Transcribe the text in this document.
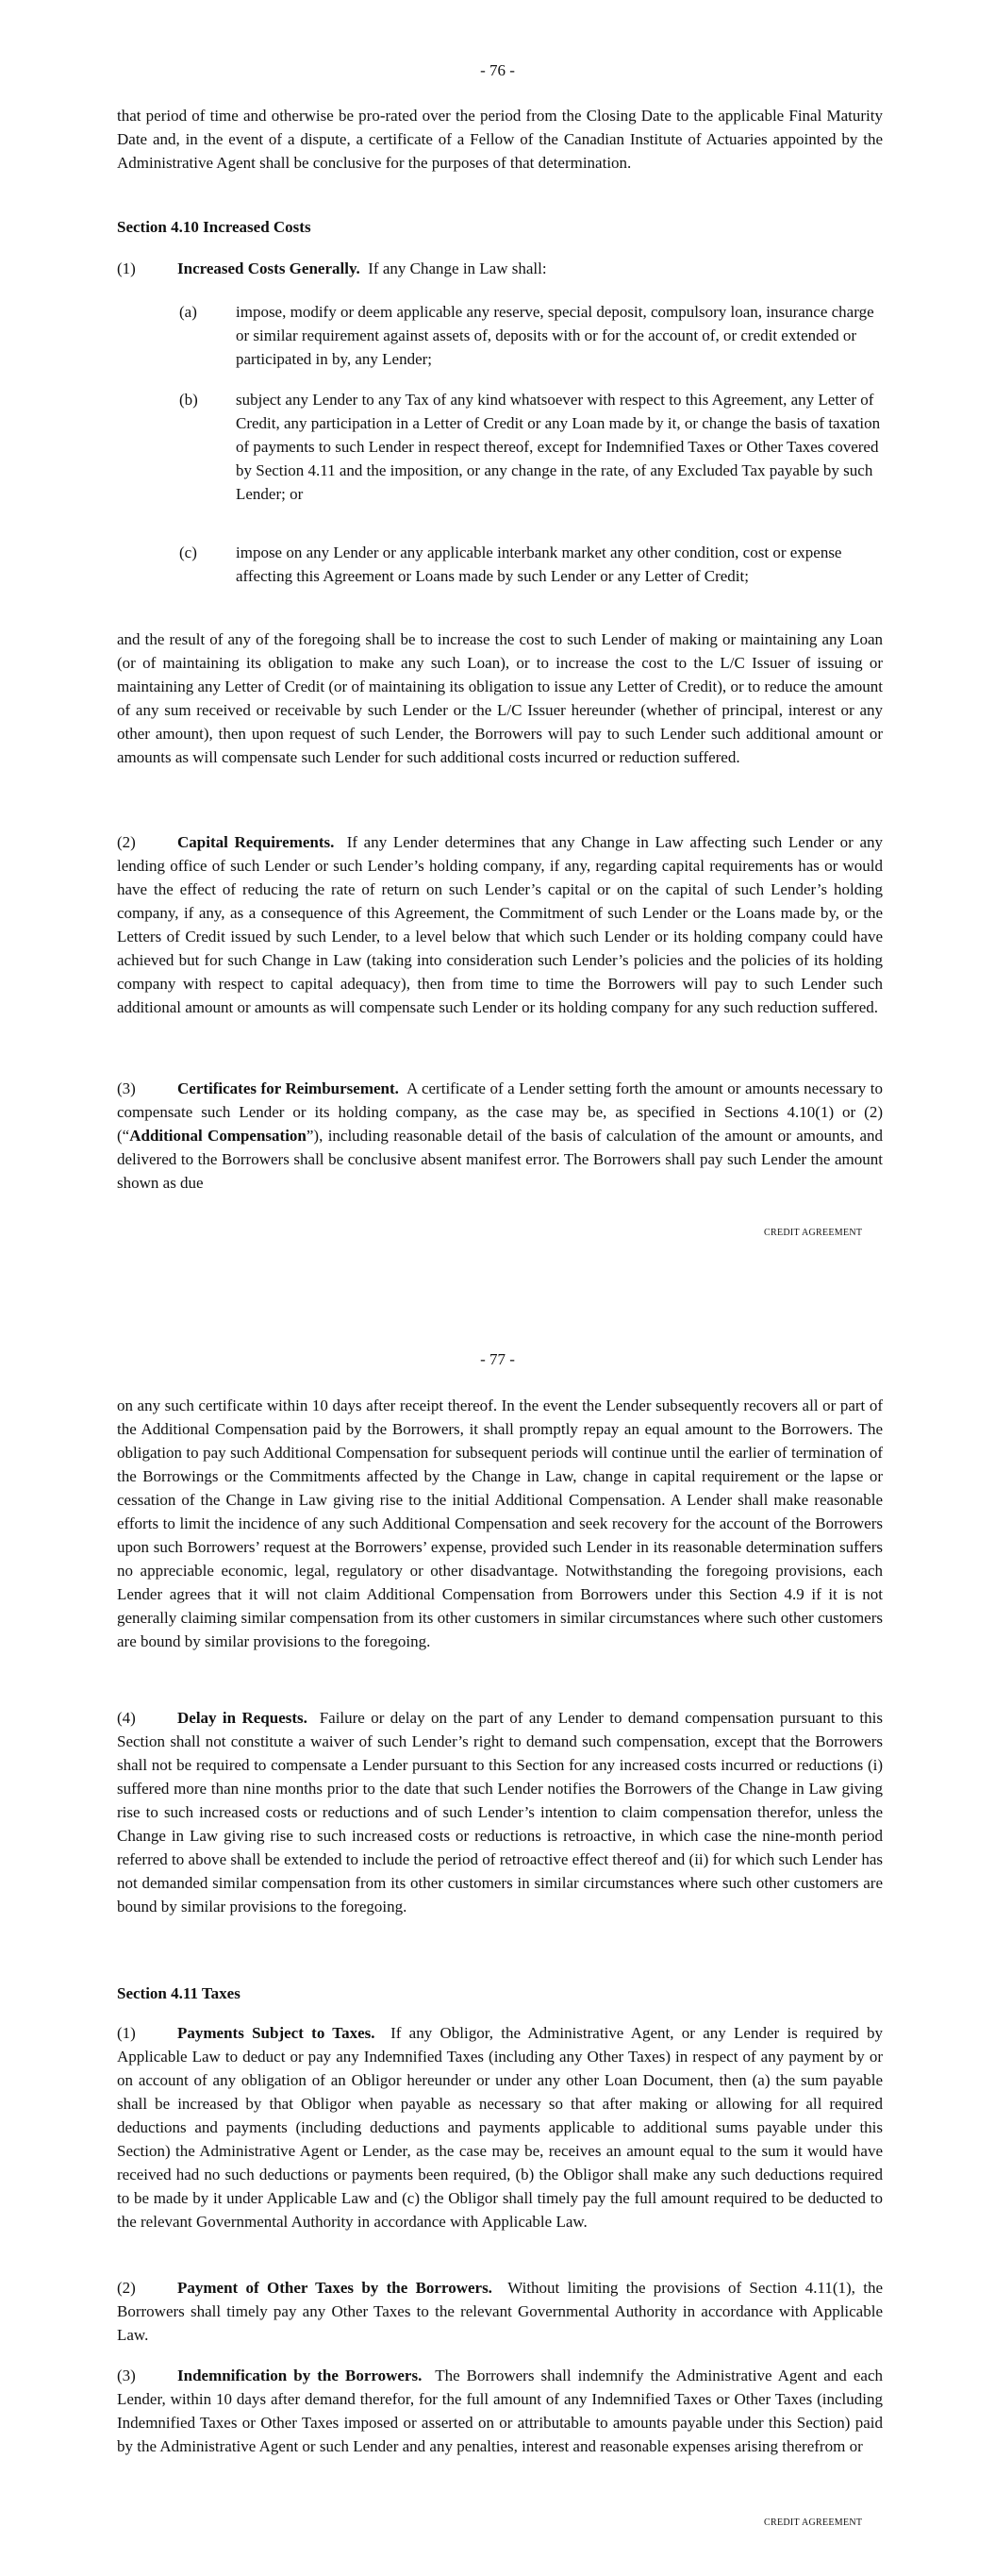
- 76 -

that period of time and otherwise be pro-rated over the period from the Closing Date to the applicable Final Maturity Date and, in the event of a dispute, a certificate of a Fellow of the Canadian Institute of Actuaries appointed by the Administrative Agent shall be conclusive for the purposes of that determination.

Section 4.10 Increased Costs

(1)	Increased Costs Generally. If any Change in Law shall:

(a) impose, modify or deem applicable any reserve, special deposit, compulsory loan, insurance charge or similar requirement against assets of, deposits with or for the account of, or credit extended or participated in by, any Lender;
(b) subject any Lender to any Tax of any kind whatsoever with respect to this Agreement, any Letter of Credit, any participation in a Letter of Credit or any Loan made by it, or change the basis of taxation of payments to such Lender in respect thereof, except for Indemnified Taxes or Other Taxes covered by Section 4.11 and the imposition, or any change in the rate, of any Excluded Tax payable by such Lender; or
(c) impose on any Lender or any applicable interbank market any other condition, cost or expense affecting this Agreement or Loans made by such Lender or any Letter of Credit;

and the result of any of the foregoing shall be to increase the cost to such Lender of making or maintaining any Loan (or of maintaining its obligation to make any such Loan), or to increase the cost to the L/C Issuer of issuing or maintaining any Letter of Credit (or of maintaining its obligation to issue any Letter of Credit), or to reduce the amount of any sum received or receivable by such Lender or the L/C Issuer hereunder (whether of principal, interest or any other amount), then upon request of such Lender, the Borrowers will pay to such Lender such additional amount or amounts as will compensate such Lender for such additional costs incurred or reduction suffered.

(2)	Capital Requirements. If any Lender determines that any Change in Law affecting such Lender or any lending office of such Lender or such Lender’s holding company, if any, regarding capital requirements has or would have the effect of reducing the rate of return on such Lender’s capital or on the capital of such Lender’s holding company, if any, as a consequence of this Agreement, the Commitment of such Lender or the Loans made by, or the Letters of Credit issued by such Lender, to a level below that which such Lender or its holding company could have achieved but for such Change in Law (taking into consideration such Lender’s policies and the policies of its holding company with respect to capital adequacy), then from time to time the Borrowers will pay to such Lender such additional amount or amounts as will compensate such Lender or its holding company for any such reduction suffered.

(3)	Certificates for Reimbursement. A certificate of a Lender setting forth the amount or amounts necessary to compensate such Lender or its holding company, as the case may be, as specified in Sections 4.10(1) or (2) (“Additional Compensation”), including reasonable detail of the basis of calculation of the amount or amounts, and delivered to the Borrowers shall be conclusive absent manifest error. The Borrowers shall pay such Lender the amount shown as due

CREDIT AGREEMENT
- 77 -

on any such certificate within 10 days after receipt thereof. In the event the Lender subsequently recovers all or part of the Additional Compensation paid by the Borrowers, it shall promptly repay an equal amount to the Borrowers. The obligation to pay such Additional Compensation for subsequent periods will continue until the earlier of termination of the Borrowings or the Commitments affected by the Change in Law, change in capital requirement or the lapse or cessation of the Change in Law giving rise to the initial Additional Compensation. A Lender shall make reasonable efforts to limit the incidence of any such Additional Compensation and seek recovery for the account of the Borrowers upon such Borrowers’ request at the Borrowers’ expense, provided such Lender in its reasonable determination suffers no appreciable economic, legal, regulatory or other disadvantage. Notwithstanding the foregoing provisions, each Lender agrees that it will not claim Additional Compensation from Borrowers under this Section 4.9 if it is not generally claiming similar compensation from its other customers in similar circumstances where such other customers are bound by similar provisions to the foregoing.

(4)	Delay in Requests. Failure or delay on the part of any Lender to demand compensation pursuant to this Section shall not constitute a waiver of such Lender’s right to demand such compensation, except that the Borrowers shall not be required to compensate a Lender pursuant to this Section for any increased costs incurred or reductions (i) suffered more than nine months prior to the date that such Lender notifies the Borrowers of the Change in Law giving rise to such increased costs or reductions and of such Lender’s intention to claim compensation therefor, unless the Change in Law giving rise to such increased costs or reductions is retroactive, in which case the nine-month period referred to above shall be extended to include the period of retroactive effect thereof and (ii) for which such Lender has not demanded similar compensation from its other customers in similar circumstances where such other customers are bound by similar provisions to the foregoing.

Section 4.11 Taxes

(1)	Payments Subject to Taxes. If any Obligor, the Administrative Agent, or any Lender is required by Applicable Law to deduct or pay any Indemnified Taxes (including any Other Taxes) in respect of any payment by or on account of any obligation of an Obligor hereunder or under any other Loan Document, then (a) the sum payable shall be increased by that Obligor when payable as necessary so that after making or allowing for all required deductions and payments (including deductions and payments applicable to additional sums payable under this Section) the Administrative Agent or Lender, as the case may be, receives an amount equal to the sum it would have received had no such deductions or payments been required, (b) the Obligor shall make any such deductions required to be made by it under Applicable Law and (c) the Obligor shall timely pay the full amount required to be deducted to the relevant Governmental Authority in accordance with Applicable Law.

(2)	Payment of Other Taxes by the Borrowers. Without limiting the provisions of Section 4.11(1), the Borrowers shall timely pay any Other Taxes to the relevant Governmental Authority in accordance with Applicable Law.

(3)	Indemnification by the Borrowers. The Borrowers shall indemnify the Administrative Agent and each Lender, within 10 days after demand therefor, for the full amount of any Indemnified Taxes or Other Taxes (including Indemnified Taxes or Other Taxes imposed or asserted on or attributable to amounts payable under this Section) paid by the Administrative Agent or such Lender and any penalties, interest and reasonable expenses arising therefrom or

CREDIT AGREEMENT
